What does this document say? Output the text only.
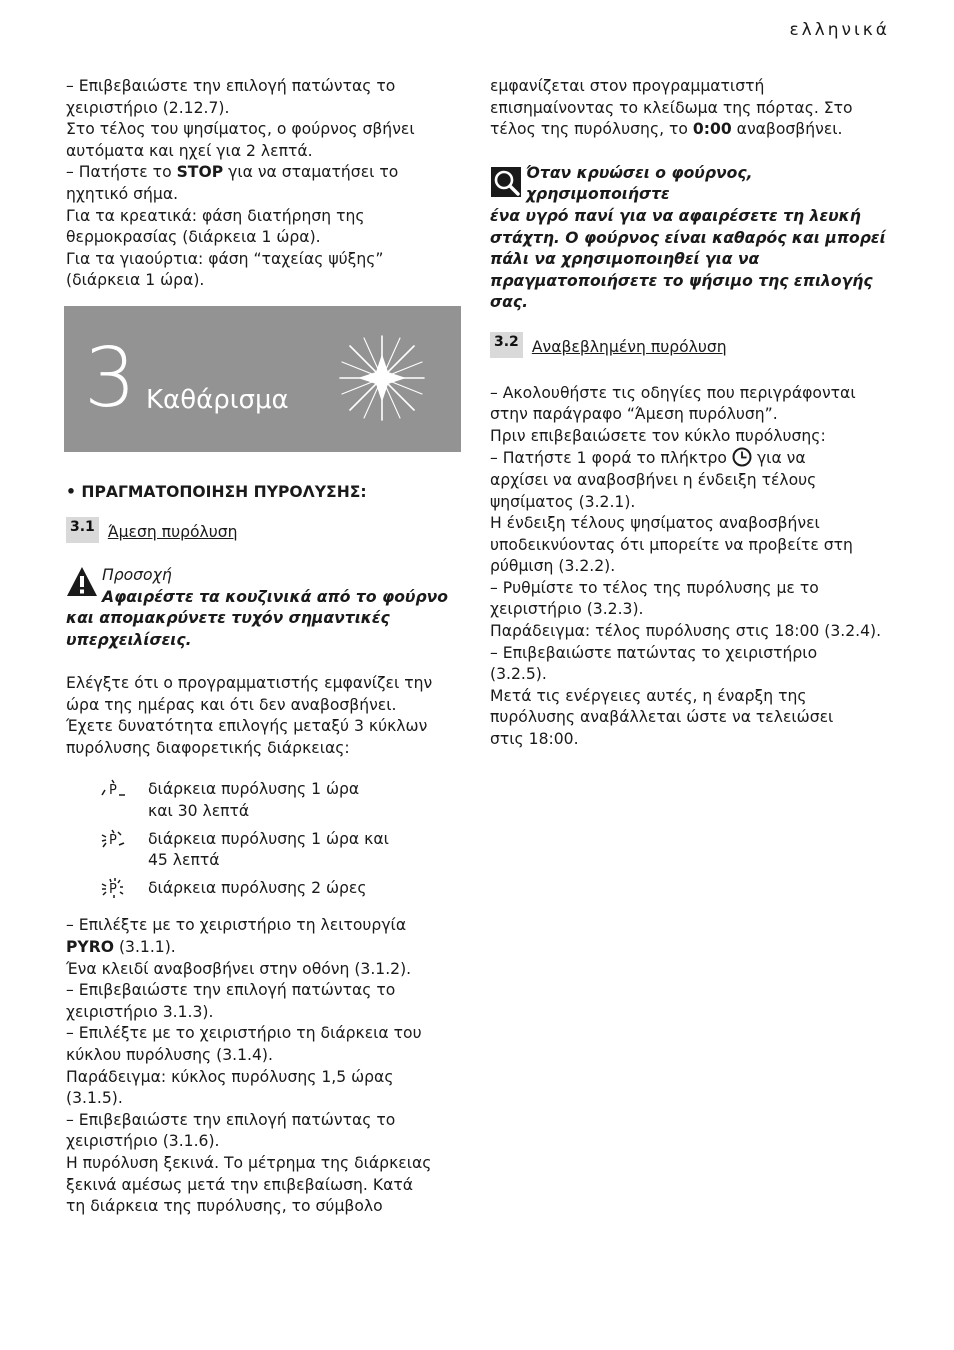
ελληνικά

– Επιβεβαιώστε την επιλογή πατώντας το

χειριστήριο (2.12.7).

Στο τέλος του ψησίματος, ο φούρνος σβήνει

αυτόματα και ηχεί για 2 λεπτά.

– Πατήστε το STOP για να σταματήσει το

ηχητικό σήμα.

Για τα κρεατικά: φάση διατήρηση της

θερμοκρασίας (διάρκεια 1 ώρα).

Για τα γιαούρτια: φάση “ταχείας ψύξης”

(διάρκεια 1 ώρα).

3 Καθάρισμα

• ΠΡΑΓΜΑΤΟΠΟΙΗΣΗ ΠΥΡΟΛΥΣΗΣ:

3.1 Άμεση πυρόλυση
Προσοχή
Αφαιρέστε τα κουζινικά από το φούρνο
και απομακρύνετε τυχόν σημαντικές
υπερχειλίσεις.

Ελέγξτε ότι ο προγραμματιστής εμφανίζει την

ώρα της ημέρας και ότι δεν αναβοσβήνει.

Έχετε δυνατότητα επιλογής μεταξύ 3 κύκλων

πυρόλυσης διαφορετικής διάρκειας:

P διάρκεια πυρόλυσης 1 ώρα
και 30 λεπτά
P διάρκεια πυρόλυσης 1 ώρα και
45 λεπτά
P διάρκεια πυρόλυσης 2 ώρες

– Επιλέξτε με το χειριστήριο τη λειτουργία

PYRO (3.1.1).

Ένα κλειδί αναβοσβήνει στην οθόνη (3.1.2).

– Επιβεβαιώστε την επιλογή πατώντας το

χειριστήριο 3.1.3).

– Επιλέξτε με το χειριστήριο τη διάρκεια του

κύκλου πυρόλυσης (3.1.4).

Παράδειγμα: κύκλος πυρόλυσης 1,5 ώρας

(3.1.5).

– Επιβεβαιώστε την επιλογή πατώντας το

χειριστήριο (3.1.6).

Η πυρόλυση ξεκινά. Το μέτρημα της διάρκειας

ξεκινά αμέσως μετά την επιβεβαίωση. Κατά

τη διάρκεια της πυρόλυσης, το σύμβολο

εμφανίζεται στον προγραμματιστή

επισημαίνοντας το κλείδωμα της πόρτας. Στο

τέλος της πυρόλυσης, το 0:00 αναβοσβήνει.

Όταν κρυώσει ο φούρνος, χρησιμοποιήστε
ένα υγρό πανί για να αφαιρέσετε τη λευκή
στάχτη. Ο φούρνος είναι καθαρός και μπορεί
πάλι να χρησιμοποιηθεί για να
πραγματοποιήσετε το ψήσιμο της επιλογής
σας.
3.2 Αναβεβλημένη πυρόλυση

– Ακολουθήστε τις οδηγίες που περιγράφονται

στην παράγραφο “Άμεση πυρόλυση”.

Πριν επιβεβαιώσετε τον κύκλο πυρόλυσης:

– Πατήστε 1 φορά το πλήκτρο για να

αρχίσει να αναβοσβήνει η ένδειξη τέλους

ψησίματος (3.2.1).

Η ένδειξη τέλους ψησίματος αναβοσβήνει

υποδεικνύοντας ότι μπορείτε να προβείτε στη

ρύθμιση (3.2.2).

– Ρυθμίστε το τέλος της πυρόλυσης με το

χειριστήριο (3.2.3).

Παράδειγμα: τέλος πυρόλυσης στις 18:00 (3.2.4).

– Επιβεβαιώστε πατώντας το χειριστήριο

(3.2.5).

Μετά τις ενέργειες αυτές, η έναρξη της

πυρόλυσης αναβάλλεται ώστε να τελειώσει

στις 18:00.
